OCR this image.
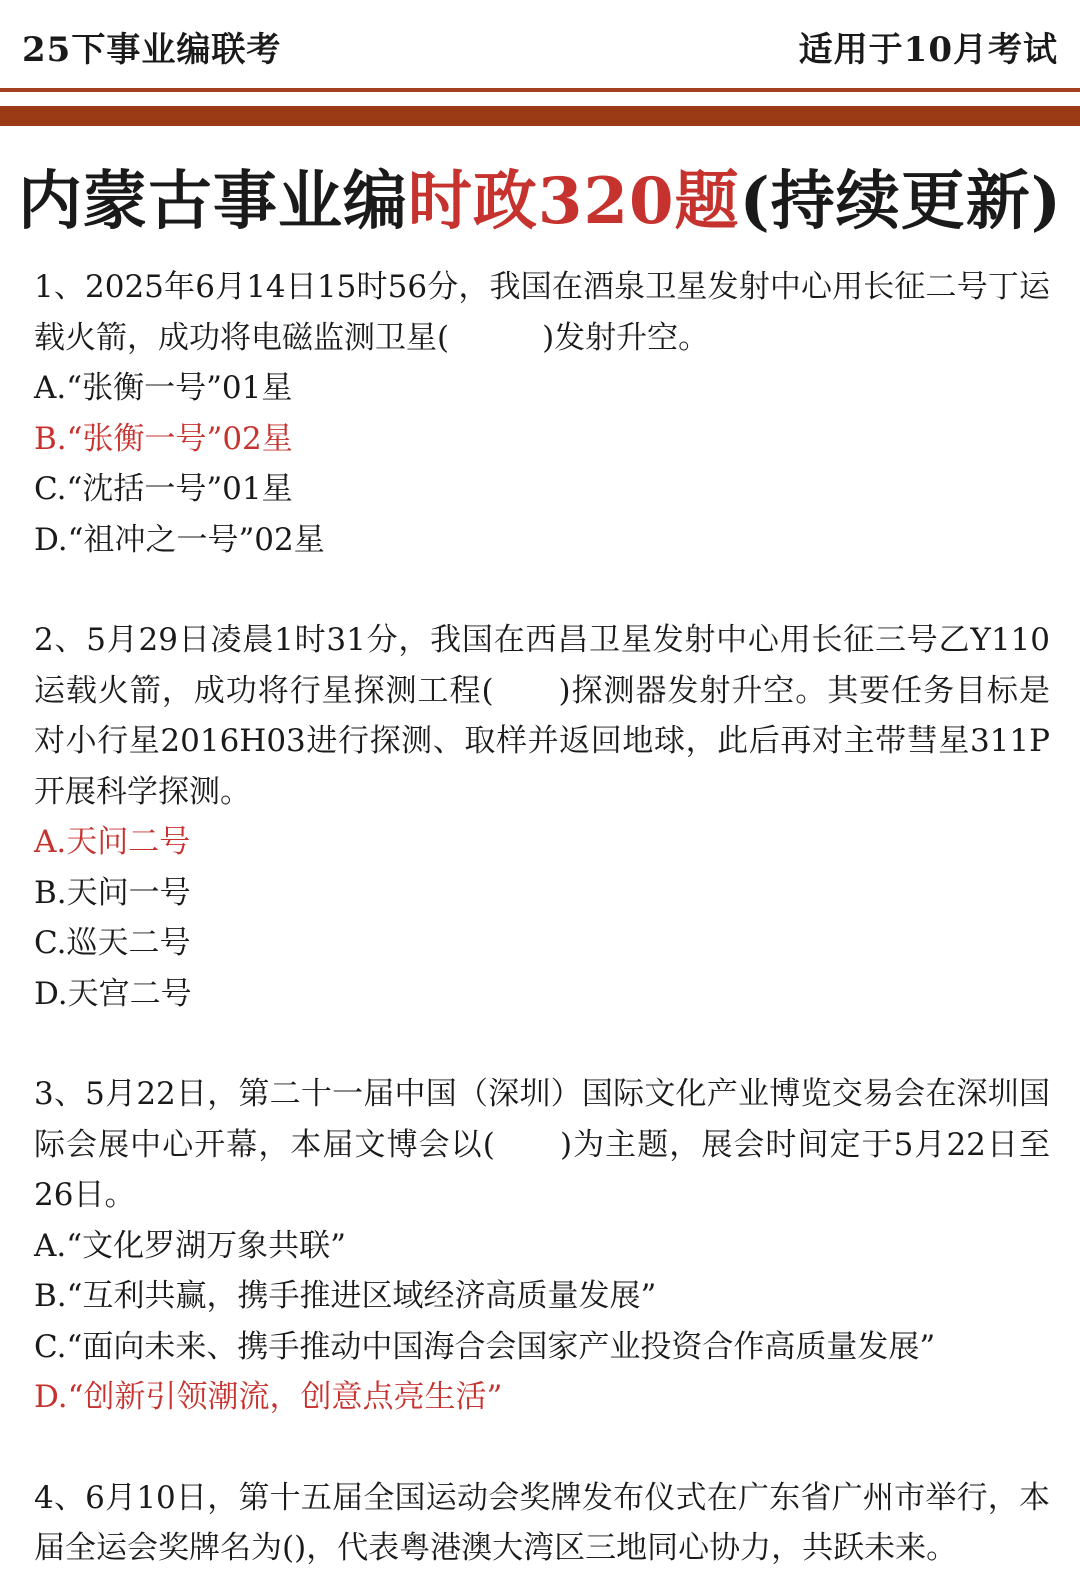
25下事业编联考	适用于10月考试
内蒙古事业编时政320题(持续更新)

1、2025年6月14日15时56分，我国在酒泉卫星发射中心用长征二号丁运载火箭，成功将电磁监测卫星(　　　)发射升空。

A.“张衡一号”01星
B.“张衡一号”02星
C.“沈括一号”01星
D.“祖冲之一号”02星

2、5月29日凌晨1时31分，我国在西昌卫星发射中心用长征三号乙Y110运载火箭，成功将行星探测工程(　　)探测器发射升空。其要任务目标是对小行星2016H03进行探测、取样并返回地球，此后再对主带彗星311P开展科学探测。

A.天问二号
B.天问一号
C.巡天二号
D.天宫二号

3、5月22日，第二十一届中国（深圳）国际文化产业博览交易会在深圳国际会展中心开幕，本届文博会以(　　)为主题，展会时间定于5月22日至26日。

A.“文化罗湖万象共联”
B.“互利共赢，携手推进区域经济高质量发展”
C.“面向未来、携手推动中国海合会国家产业投资合作高质量发展”
D.“创新引领潮流，创意点亮生活”

4、6月10日，第十五届全国运动会奖牌发布仪式在广东省广州市举行，本届全运会奖牌名为()，代表粤港澳大湾区三地同心协力，共跃未来。
